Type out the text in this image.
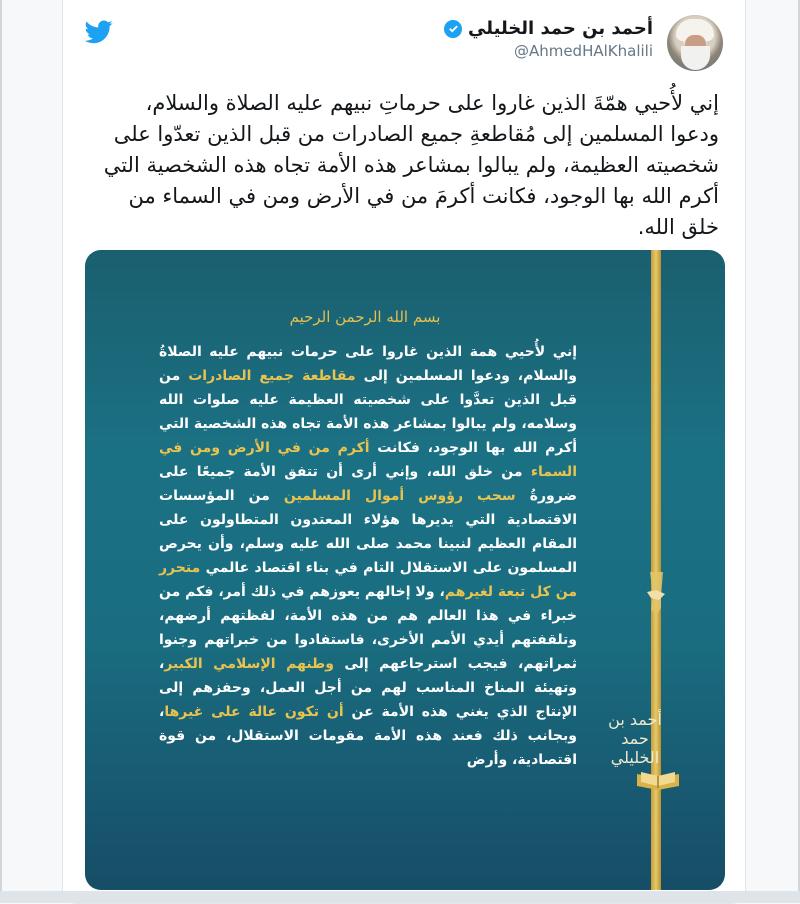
أحمد بن حمد الخليلي
@AhmedHAlKhalili
إني لأُحيي همّةَ الذين غاروا على حرماتِ نبيهم عليه الصلاة والسلام، ودعوا المسلمين إلى مُقاطعةِ جميع الصادرات من قبل الذين تعدّوا على شخصيته العظيمة، ولم يبالوا بمشاعر هذه الأمة تجاه هذه الشخصية التي أكرم الله بها الوجود، فكانت أكرمَ من في الأرض ومن في السماء من خلق الله.
بسم الله الرحمن الرحيم
إني لأُحيي همة الذين غاروا على حرمات نبيهم عليه الصلاةُ والسلام، ودعوا المسلمين إلى مقاطعة جميع الصادرات من قبل الذين تعدَّوا على شخصيته العظيمة عليه صلوات الله وسلامه، ولم يبالوا بمشاعر هذه الأمة تجاه هذه الشخصية التي أكرم الله بها الوجود، فكانت أكرم من في الأرض ومن في السماء من خلق الله، وإني أرى أن تتفق الأمة جميعًا على ضرورةُ سحب رؤوس أموال المسلمين من المؤسسات الاقتصادية التي يديرها هؤلاء المعتدون المتطاولون على المقام العظيم لنبينا محمد صلى الله عليه وسلم، وأن يحرص المسلمون على الاستقلال التام في بناء اقتصاد عالمي متحرر من كل تبعة لغيرهم، ولا إخالهم يعوزهم في ذلك أمر، فكم من خبراء في هذا العالم هم من هذه الأمة، لفظتهم أرضهم، وتلقفتهم أيدي الأمم الأخرى، فاستفادوا من خبراتهم وجنوا ثمراتهم، فيجب استرجاعهم إلى وطنهم الإسلامي الكبير، وتهيئة المناخ المناسب لهم من أجل العمل، وحفزهم إلى الإنتاج الذي يغني هذه الأمة عن أن تكون عالة على غيرها، وبجانب ذلك فعند هذه الأمة مقومات الاستقلال، من قوة اقتصادية، وأرض
أحمد بن حمد الخليلي
